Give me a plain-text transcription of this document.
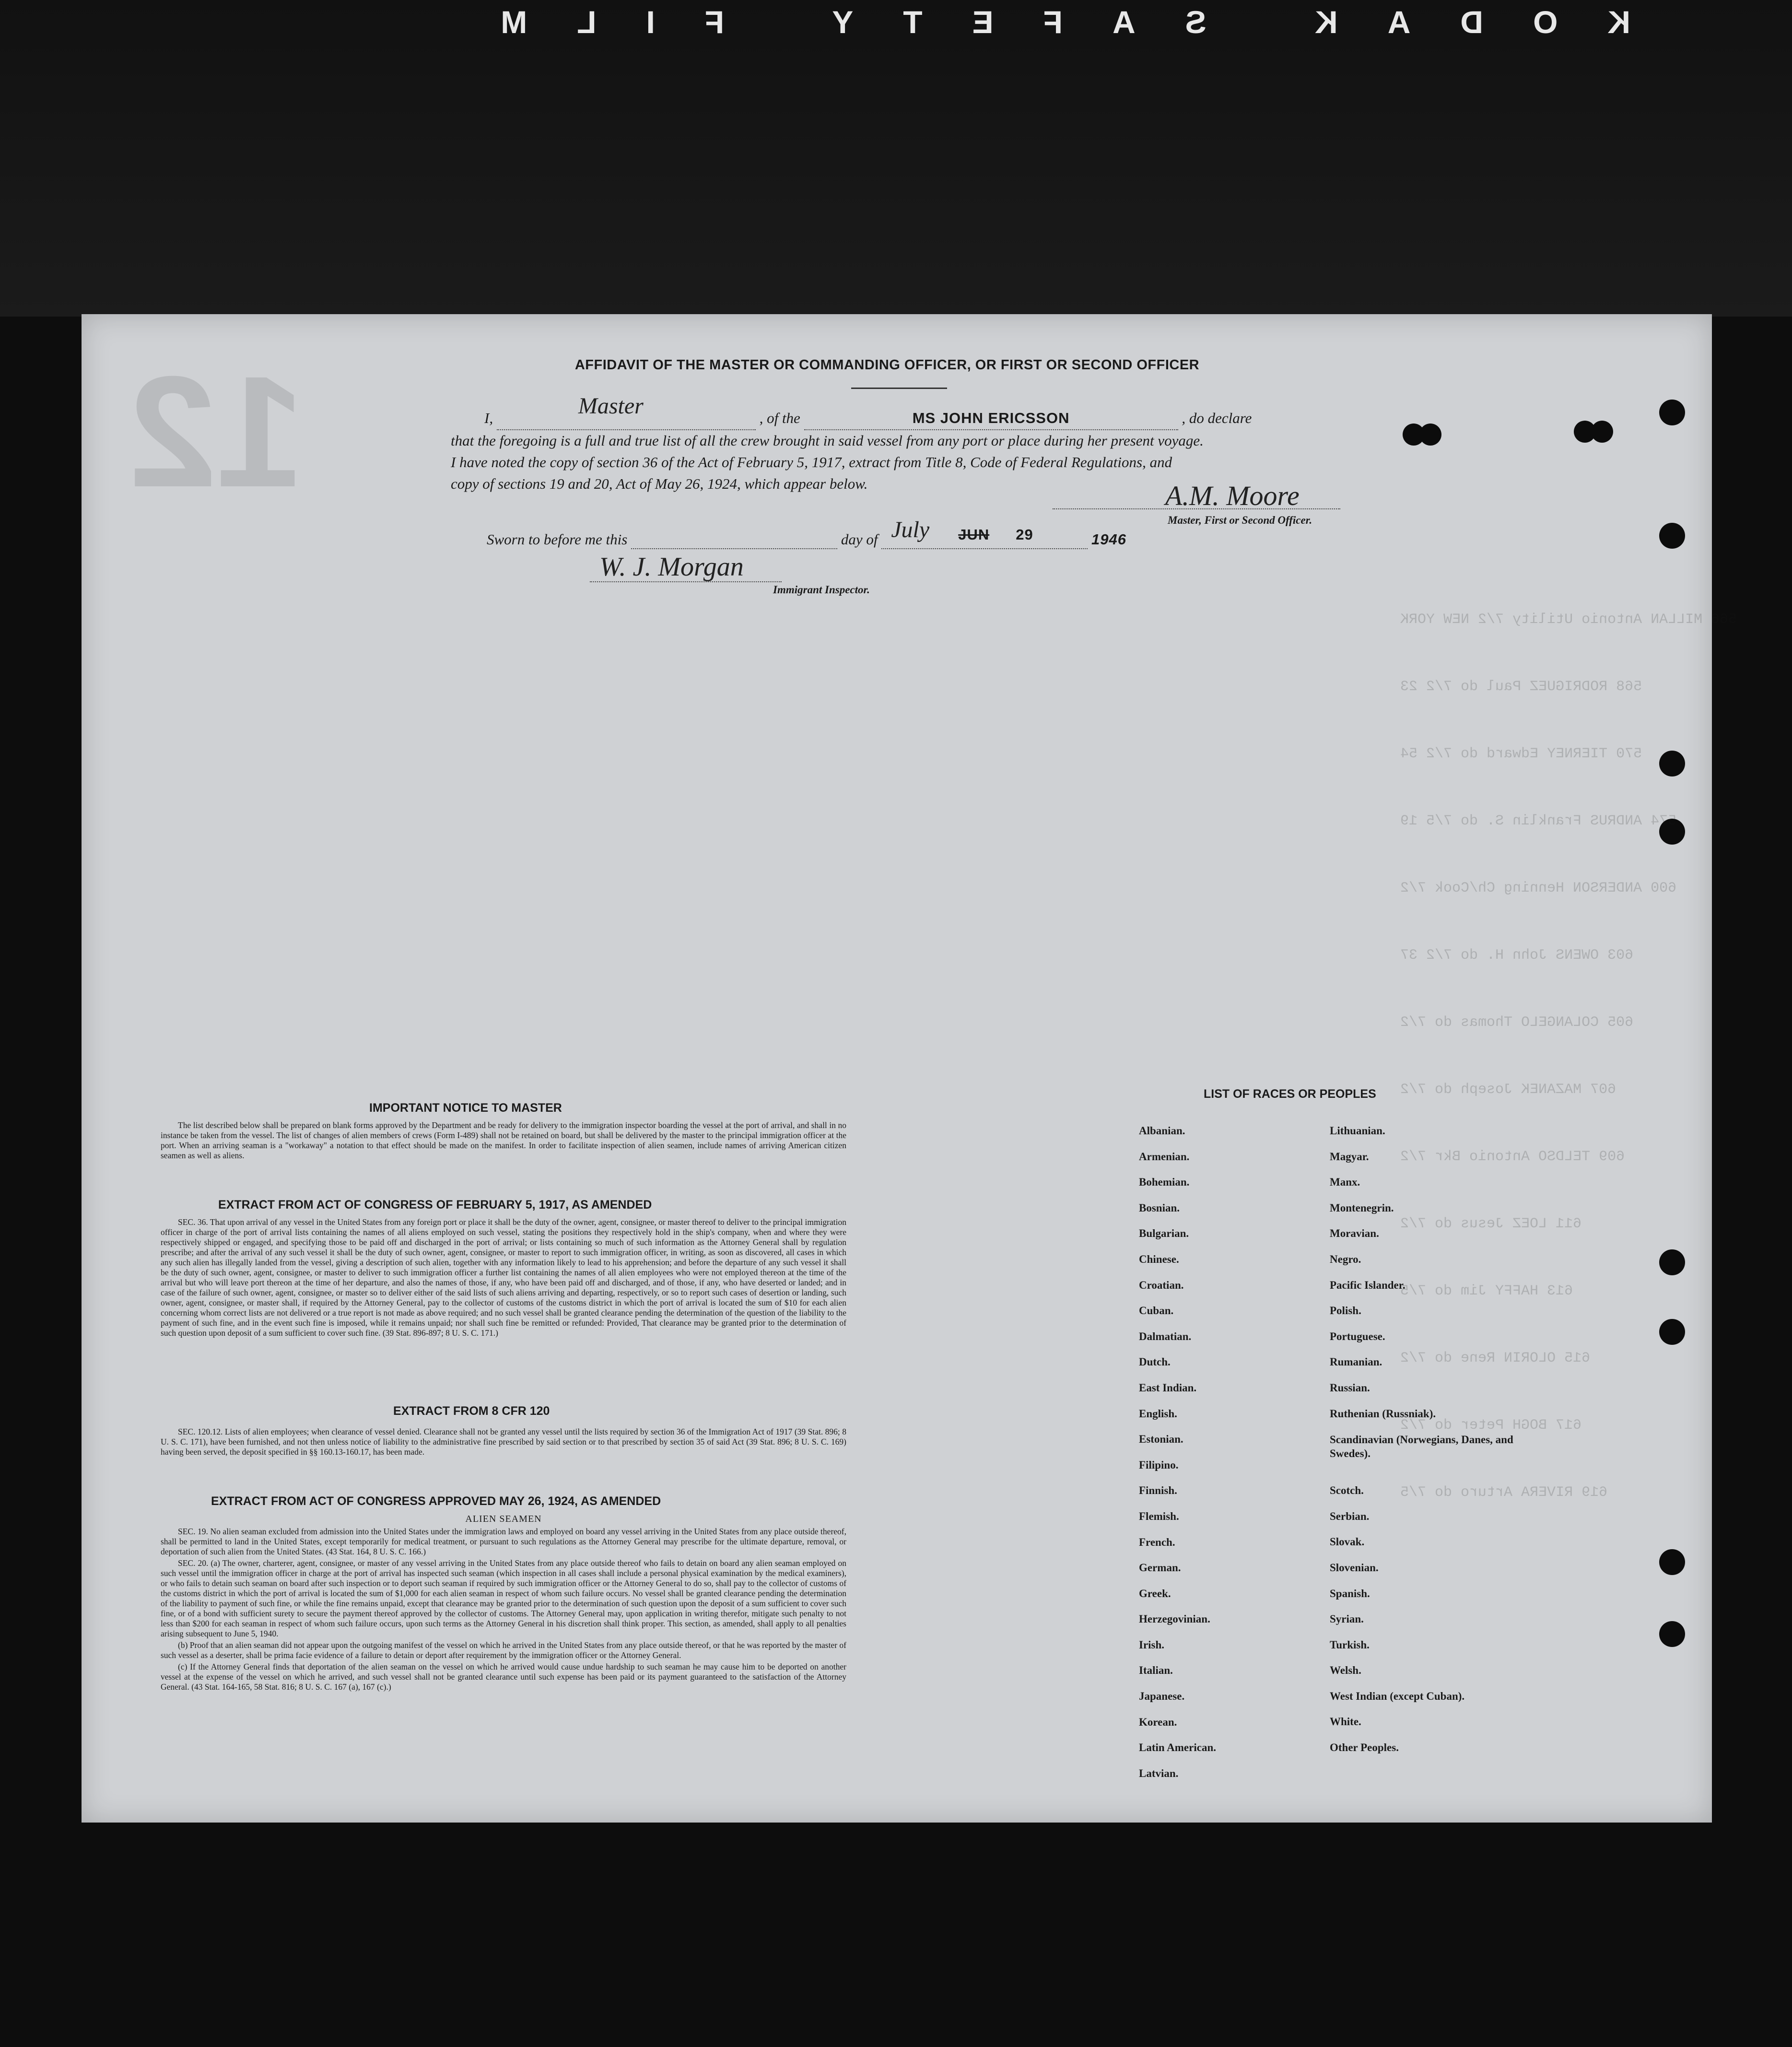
KODAK SAFETY FILM
566 MILLAN Antonio Utility 7/2 NEW YORK
568 RODRIGUEZ Paul do 7/2 23
570 TIERNEY Edward do 7/2 54
574 ANDRUS Franklin S. do 7/5 19
600 ANDERSON Henning Ch/Cook 7/2
603 OWENS John H. do 7/2 37
605 COLANGELO Thomas do 7/2
607 MAZANEK Joseph do 7/2
609 TELDSO Antonio Bkr 7/2
611 LOEZ Jesus do 7/2
613 HAFFY Jim do 7/5
615 OLORIN Rene do 7/2
617 BOGH Peter do 7/2
619 RIVERA Arturo do 7/5
12	AFFIDAVIT OF THE MASTER OR COMMANDING OFFICER, OR FIRST OR SECOND OFFICER
I,	Master	, of the	MS JOHN ERICSSON	, do declare
that the foregoing is a full and true list of all the crew brought in said vessel from any port or place during her present voyage.
I have noted the copy of section 36 of the Act of February 5, 1917, extract from Title 8, Code of Federal Regulations, and
copy of sections 19 and 20, Act of May 26, 1924, which appear below.	A.M. Moore
Master, First or Second Officer.
Sworn to before me this	day of July JUN 29	1946
W. J. Morgan
Immigrant Inspector.
IMPORTANT NOTICE TO MASTER

The list described below shall be prepared on blank forms approved by the Department and be ready for delivery to the immigration inspector boarding the vessel at the port of arrival, and shall in no instance be taken from the vessel. The list of changes of alien members of crews (Form I-489) shall not be retained on board, but shall be delivered by the master to the principal immigration officer at the port. When an arriving seaman is a "workaway" a notation to that effect should be made on the manifest. In order to facilitate inspection of alien seamen, include names of arriving American citizen seamen as well as aliens.

EXTRACT FROM ACT OF CONGRESS OF FEBRUARY 5, 1917, AS AMENDED

SEC. 36. That upon arrival of any vessel in the United States from any foreign port or place it shall be the duty of the owner, agent, consignee, or master thereof to deliver to the principal immigration officer in charge of the port of arrival lists containing the names of all aliens employed on such vessel, stating the positions they respectively hold in the ship's company, when and where they were respectively shipped or engaged, and specifying those to be paid off and discharged in the port of arrival; or lists containing so much of such information as the Attorney General shall by regulation prescribe; and after the arrival of any such vessel it shall be the duty of such owner, agent, consignee, or master to report to such immigration officer, in writing, as soon as discovered, all cases in which any such alien has illegally landed from the vessel, giving a description of such alien, together with any information likely to lead to his apprehension; and before the departure of any such vessel it shall be the duty of such owner, agent, consignee, or master to deliver to such immigration officer a further list containing the names of all alien employees who were not employed thereon at the time of the arrival but who will leave port thereon at the time of her departure, and also the names of those, if any, who have been paid off and discharged, and of those, if any, who have deserted or landed; and in case of the failure of such owner, agent, consignee, or master so to deliver either of the said lists of such aliens arriving and departing, respectively, or so to report such cases of desertion or landing, such owner, agent, consignee, or master shall, if required by the Attorney General, pay to the collector of customs of the customs district in which the port of arrival is located the sum of $10 for each alien concerning whom correct lists are not delivered or a true report is not made as above required; and no such vessel shall be granted clearance pending the determination of the question of the liability to the payment of such fine, and in the event such fine is imposed, while it remains unpaid; nor shall such fine be remitted or refunded: Provided, That clearance may be granted prior to the determination of such question upon deposit of a sum sufficient to cover such fine. (39 Stat. 896-897; 8 U. S. C. 171.)

EXTRACT FROM 8 CFR 120

SEC. 120.12. Lists of alien employees; when clearance of vessel denied. Clearance shall not be granted any vessel until the lists required by section 36 of the Immigration Act of 1917 (39 Stat. 896; 8 U. S. C. 171), have been furnished, and not then unless notice of liability to the administrative fine prescribed by said section or to that prescribed by section 35 of said Act (39 Stat. 896; 8 U. S. C. 169) having been served, the deposit specified in §§ 160.13-160.17, has been made.

EXTRACT FROM ACT OF CONGRESS APPROVED MAY 26, 1924, AS AMENDED
ALIEN SEAMEN

SEC. 19. No alien seaman excluded from admission into the United States under the immigration laws and employed on board any vessel arriving in the United States from any place outside thereof, shall be permitted to land in the United States, except temporarily for medical treatment, or pursuant to such regulations as the Attorney General may prescribe for the ultimate departure, removal, or deportation of such alien from the United States. (43 Stat. 164, 8 U. S. C. 166.)

SEC. 20. (a) The owner, charterer, agent, consignee, or master of any vessel arriving in the United States from any place outside thereof who fails to detain on board any alien seaman employed on such vessel until the immigration officer in charge at the port of arrival has inspected such seaman (which inspection in all cases shall include a personal physical examination by the medical examiners), or who fails to detain such seaman on board after such inspection or to deport such seaman if required by such immigration officer or the Attorney General to do so, shall pay to the collector of customs of the customs district in which the port of arrival is located the sum of $1,000 for each alien seaman in respect of whom such failure occurs. No vessel shall be granted clearance pending the determination of the liability to payment of such fine, or while the fine remains unpaid, except that clearance may be granted prior to the determination of such question upon the deposit of a sum sufficient to cover such fine, or of a bond with sufficient surety to secure the payment thereof approved by the collector of customs. The Attorney General may, upon application in writing therefor, mitigate such penalty to not less than $200 for each seaman in respect of whom such failure occurs, upon such terms as the Attorney General in his discretion shall think proper. This section, as amended, shall apply to all penalties arising subsequent to June 5, 1940.

(b) Proof that an alien seaman did not appear upon the outgoing manifest of the vessel on which he arrived in the United States from any place outside thereof, or that he was reported by the master of such vessel as a deserter, shall be prima facie evidence of a failure to detain or deport after requirement by the immigration officer or the Attorney General.

(c) If the Attorney General finds that deportation of the alien seaman on the vessel on which he arrived would cause undue hardship to such seaman he may cause him to be deported on another vessel at the expense of the vessel on which he arrived, and such vessel shall not be granted clearance until such expense has been paid or its payment guaranteed to the satisfaction of the Attorney General. (43 Stat. 164-165, 58 Stat. 816; 8 U. S. C. 167 (a), 167 (c).)

LIST OF RACES OR PEOPLES
Albanian.
Armenian.
Bohemian.
Bosnian.
Bulgarian.
Chinese.
Croatian.
Cuban.
Dalmatian.
Dutch.
East Indian.
English.
Estonian.
Filipino.
Finnish.
Flemish.
French.
German.
Greek.
Herzegovinian.
Irish.
Italian.
Japanese.
Korean.
Latin American.
Latvian.
Lithuanian.
Magyar.
Manx.
Montenegrin.
Moravian.
Negro.
Pacific Islander.
Polish.
Portuguese.
Rumanian.
Russian.
Ruthenian (Russniak).
Scandinavian (Norwegians, Danes, and Swedes).
Scotch.
Serbian.
Slovak.
Slovenian.
Spanish.
Syrian.
Turkish.
Welsh.
West Indian (except Cuban).
White.
Other Peoples.
